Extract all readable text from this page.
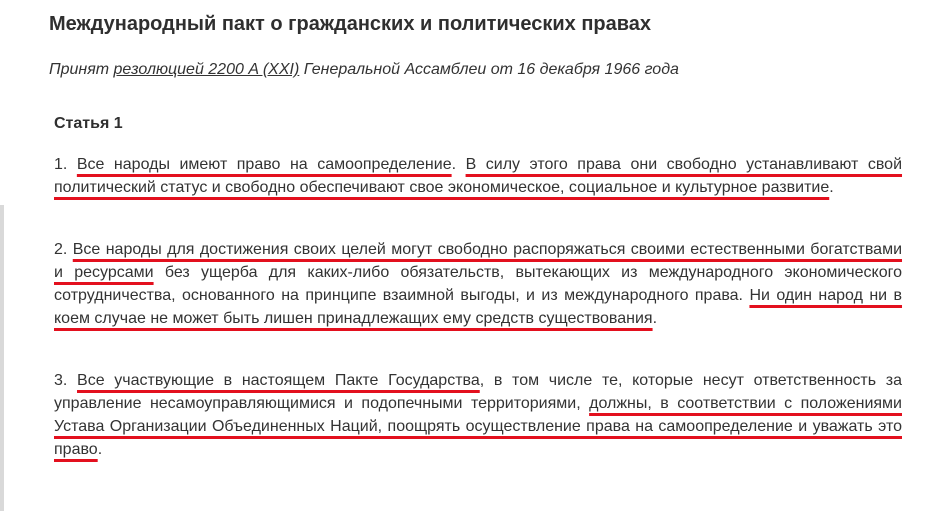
Международный пакт о гражданских и политических правах
Принят резолюцией 2200 A (XXI) Генеральной Ассамблеи от 16 декабря 1966 года
Статья 1

1. Все народы имеют право на самоопределение. В силу этого права они свободно устанавливают свой политический статус и свободно обеспечивают свое экономическое, социальное и культурное развитие.

2. Все народы для достижения своих целей могут свободно распоряжаться своими естественными богатствами и ресурсами без ущерба для каких-либо обязательств, вытекающих из международного экономического сотрудничества, основанного на принципе взаимной выгоды, и из международного права. Ни один народ ни в коем случае не может быть лишен принадлежащих ему средств существования.

3. Все участвующие в настоящем Пакте Государства, в том числе те, которые несут ответственность за управление несамоуправляющимися и подопечными территориями, должны, в соответствии с положениями Устава Организации Объединенных Наций, поощрять осуществление права на самоопределение и уважать это право.
